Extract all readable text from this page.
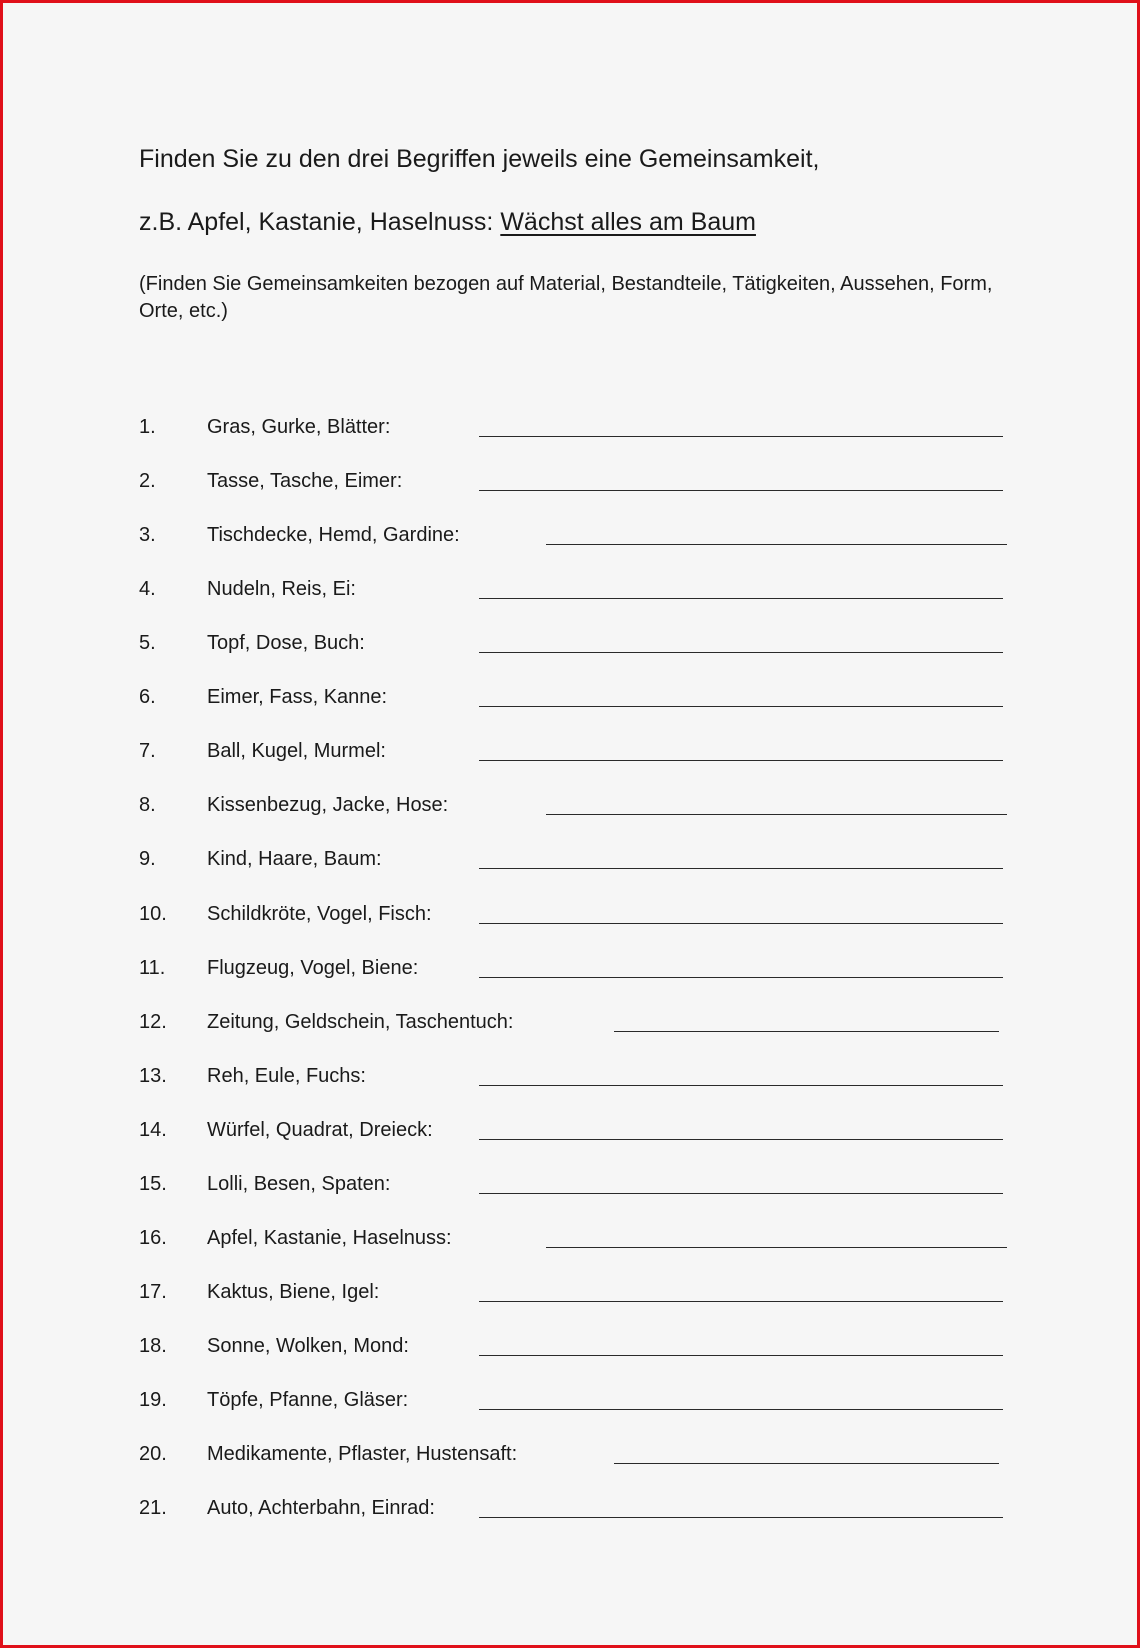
Finden Sie zu den drei Begriffen jeweils eine Gemeinsamkeit,

z.B. Apfel, Kastanie, Haselnuss: Wächst alles am Baum

(Finden Sie Gemeinsamkeiten bezogen auf Material, Bestandteile, Tätigkeiten, Aussehen, Form, Orte, etc.)

1.	Gras, Gurke, Blätter:
2.	Tasse, Tasche, Eimer:
3.	Tischdecke, Hemd, Gardine:
4.	Nudeln, Reis, Ei:
5.	Topf, Dose, Buch:
6.	Eimer, Fass, Kanne:
7.	Ball, Kugel, Murmel:
8.	Kissenbezug, Jacke, Hose:
9.	Kind, Haare, Baum:
10. Schildkröte, Vogel, Fisch:
11. Flugzeug, Vogel, Biene:
12. Zeitung, Geldschein, Taschentuch:
13. Reh, Eule, Fuchs:
14. Würfel, Quadrat, Dreieck:
15. Lolli, Besen, Spaten:
16. Apfel, Kastanie, Haselnuss:
17. Kaktus, Biene, Igel:
18. Sonne, Wolken, Mond:
19. Töpfe, Pfanne, Gläser:
20. Medikamente, Pflaster, Hustensaft:
21. Auto, Achterbahn, Einrad:
